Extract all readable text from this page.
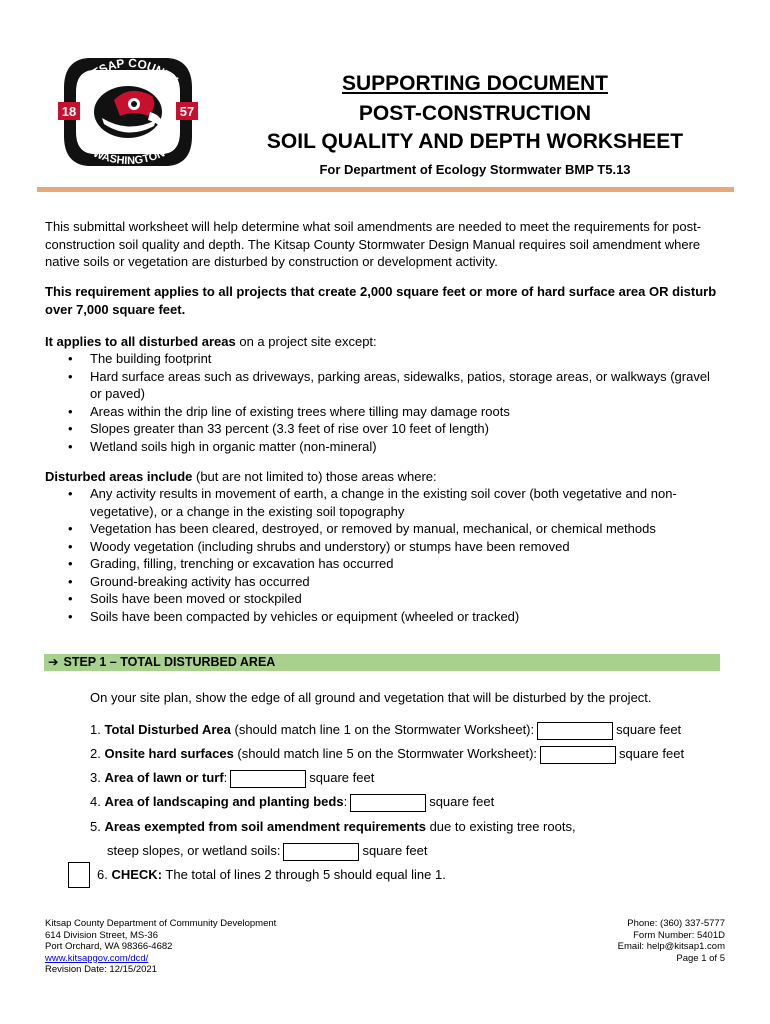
KITSAP COUNTY
WASHINGTON
18	57
SUPPORTING DOCUMENT
POST-CONSTRUCTION
SOIL QUALITY AND DEPTH WORKSHEET
For Department of Ecology Stormwater BMP T5.13
This submittal worksheet will help determine what soil amendments are needed to meet the requirements for post-construction soil quality and depth. The Kitsap County Stormwater Design Manual requires soil amendment where native soils or vegetation are disturbed by construction or development activity.
This requirement applies to all projects that create 2,000 square feet or more of hard surface area OR disturb over 7,000 square feet.
It applies to all disturbed areas on a project site except:
• The building footprint
• Hard surface areas such as driveways, parking areas, sidewalks, patios, storage areas, or walkways (gravel or paved)
• Areas within the drip line of existing trees where tilling may damage roots
• Slopes greater than 33 percent (3.3 feet of rise over 10 feet of length)
• Wetland soils high in organic matter (non-mineral)
Disturbed areas include (but are not limited to) those areas where:
• Any activity results in movement of earth, a change in the existing soil cover (both vegetative and non-vegetative), or a change in the existing soil topography
• Vegetation has been cleared, destroyed, or removed by manual, mechanical, or chemical methods
• Woody vegetation (including shrubs and understory) or stumps have been removed
• Grading, filling, trenching or excavation has occurred
• Ground-breaking activity has occurred
• Soils have been moved or stockpiled
• Soils have been compacted by vehicles or equipment (wheeled or tracked)
➔ STEP 1 – TOTAL DISTURBED AREA
On your site plan, show the edge of all ground and vegetation that will be disturbed by the project.
1. Total Disturbed Area (should match line 1 on the Stormwater Worksheet):	square feet
2. Onsite hard surfaces (should match line 5 on the Stormwater Worksheet):	square feet
3. Area of lawn or turf:	square feet
4. Area of landscaping and planting beds:	square feet
5. Areas exempted from soil amendment requirements due to existing tree roots,
steep slopes, or wetland soils:	square feet
6. CHECK: The total of lines 2 through 5 should equal line 1.
Kitsap County Department of Community Development
614 Division Street, MS-36
Port Orchard, WA 98366-4682
www.kitsapgov.com/dcd/
Revision Date: 12/15/2021
Phone: (360) 337-5777
Form Number: 5401D
Email: help@kitsap1.com
Page 1 of 5
